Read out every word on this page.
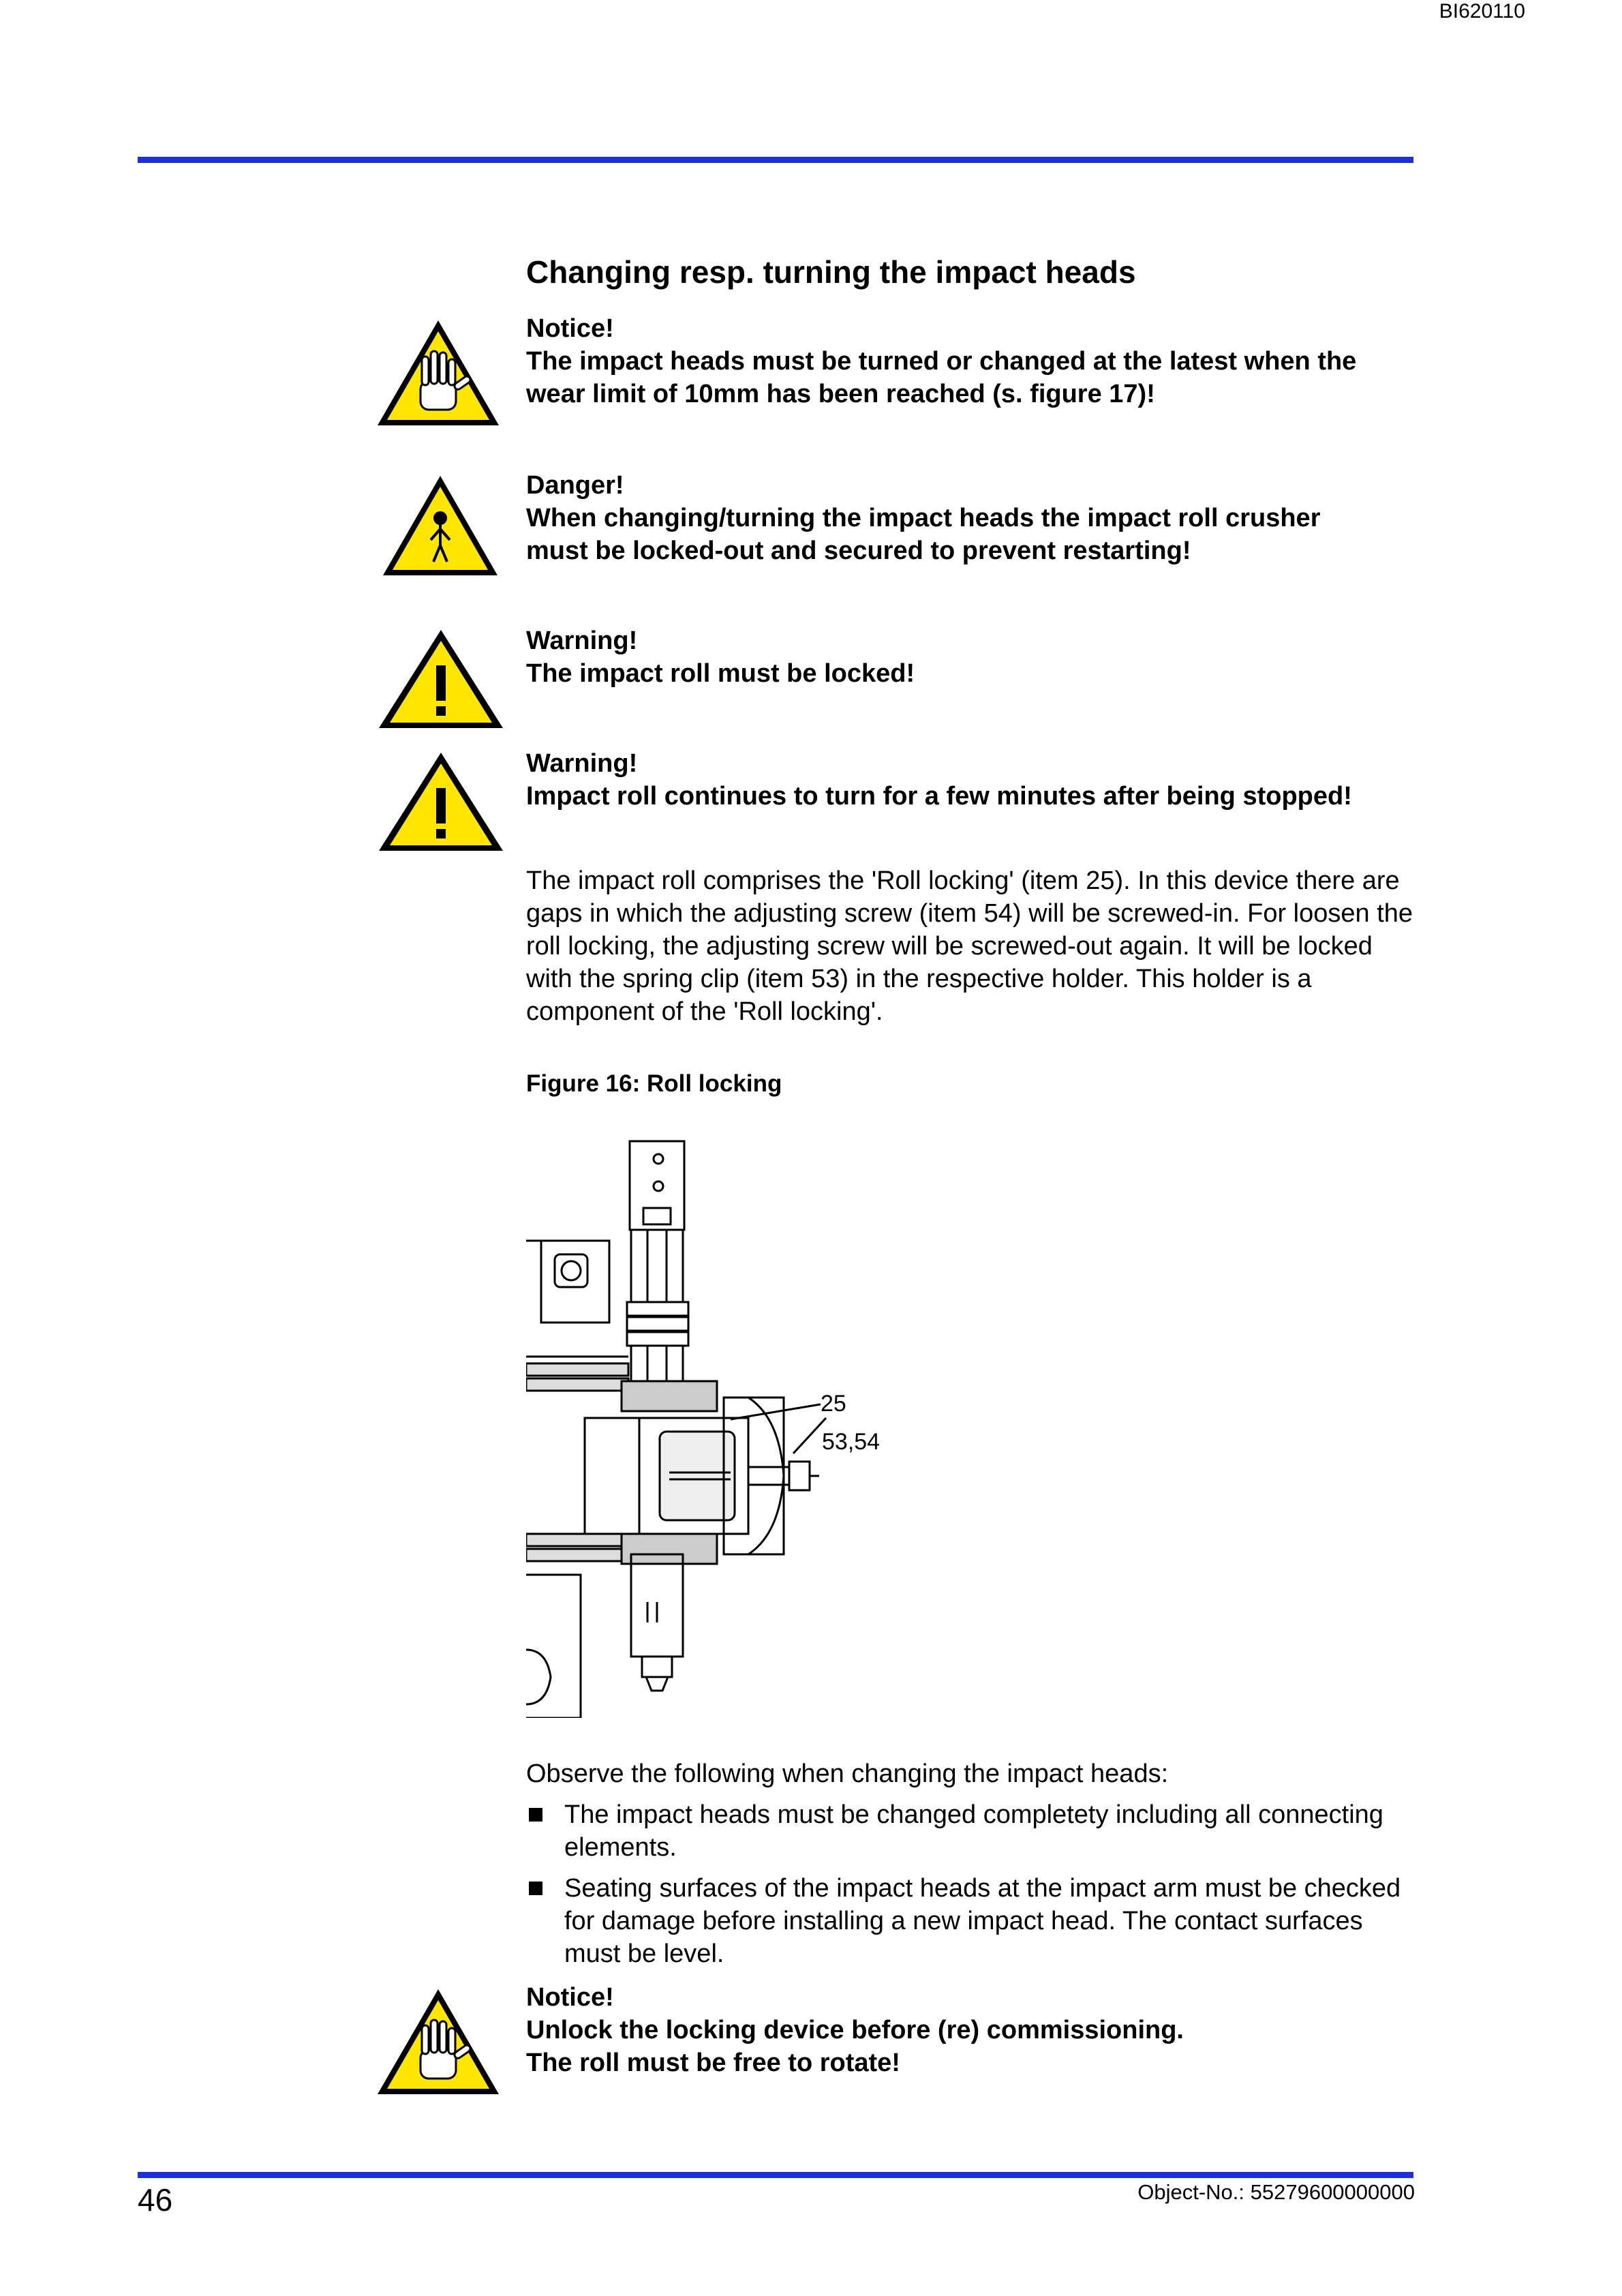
BI620110
Changing resp. turning the impact heads
Notice!
The impact heads must be turned or changed at the latest when the
wear limit of 10mm has been reached (s. figure 17)!
Danger!
When changing/turning the impact heads the impact roll crusher
must be locked-out and secured to prevent restarting!
Warning!
The impact roll must be locked!
Warning!
Impact roll continues to turn for a few minutes after being stopped!
The impact roll comprises the 'Roll locking' (item 25). In this device there are gaps in which the adjusting screw (item 54) will be screwed-in. For loosen the roll locking, the adjusting screw will be screwed-out again. It will be locked with the spring clip (item 53) in the respective holder. This holder is a component of the 'Roll locking'.
Figure 16: Roll locking
25
53,54
Observe the following when changing the impact heads:
The impact heads must be changed completety including all connecting elements.
Seating surfaces of the impact heads at the impact arm must be checked for damage before installing a new impact head. The contact surfaces must be level.
Notice!
Unlock the locking device before (re) commissioning.
The roll must be free to rotate!
46	Object-No.: 55279600000000
